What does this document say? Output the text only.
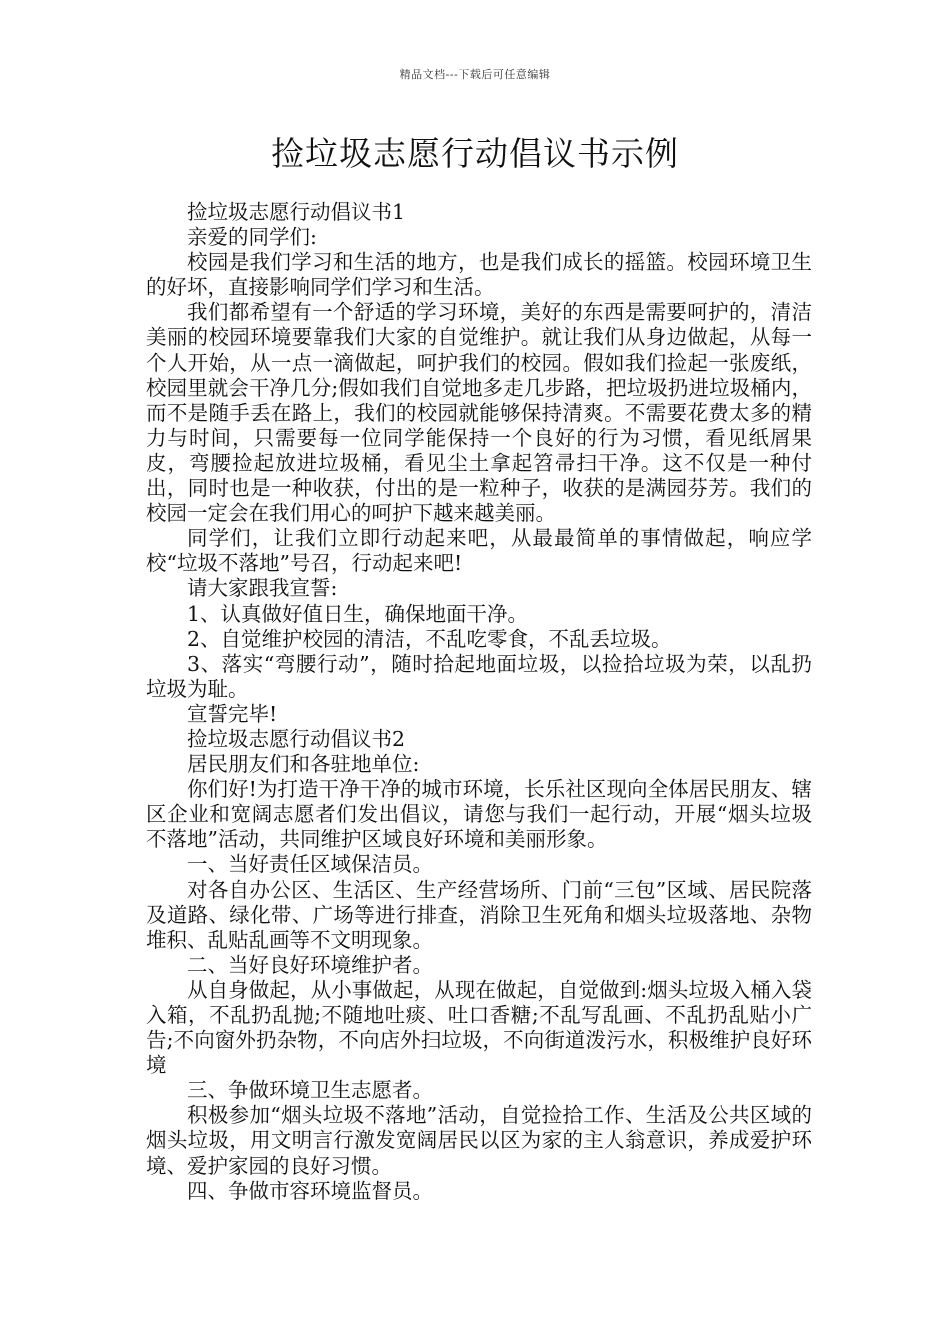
精品文档---下载后可任意编辑
捡垃圾志愿行动倡议书示例

捡垃圾志愿行动倡议书1

亲爱的同学们:

校园是我们学习和生活的地方，也是我们成长的摇篮。校园环境卫生的好坏，直接影响同学们学习和生活。

我们都希望有一个舒适的学习环境，美好的东西是需要呵护的，清洁美丽的校园环境要靠我们大家的自觉维护。就让我们从身边做起，从每一个人开始，从一点一滴做起，呵护我们的校园。假如我们捡起一张废纸，校园里就会干净几分;假如我们自觉地多走几步路，把垃圾扔进垃圾桶内，而不是随手丢在路上，我们的校园就能够保持清爽。不需要花费太多的精力与时间，只需要每一位同学能保持一个良好的行为习惯，看见纸屑果皮，弯腰捡起放进垃圾桶，看见尘土拿起笤帚扫干净。这不仅是一种付出，同时也是一种收获，付出的是一粒种子，收获的是满园芬芳。我们的校园一定会在我们用心的呵护下越来越美丽。

同学们，让我们立即行动起来吧，从最最简单的事情做起，响应学校“垃圾不落地”号召，行动起来吧!

请大家跟我宣誓:

1、认真做好值日生，确保地面干净。

2、自觉维护校园的清洁，不乱吃零食，不乱丢垃圾。

3、落实“弯腰行动”，随时拾起地面垃圾，以捡拾垃圾为荣，以乱扔垃圾为耻。

宣誓完毕!

捡垃圾志愿行动倡议书2

居民朋友们和各驻地单位:

你们好!为打造干净干净的城市环境，长乐社区现向全体居民朋友、辖区企业和宽阔志愿者们发出倡议，请您与我们一起行动，开展“烟头垃圾不落地”活动，共同维护区域良好环境和美丽形象。

一、当好责任区域保洁员。

对各自办公区、生活区、生产经营场所、门前“三包”区域、居民院落及道路、绿化带、广场等进行排查，消除卫生死角和烟头垃圾落地、杂物堆积、乱贴乱画等不文明现象。

二、当好良好环境维护者。

从自身做起，从小事做起，从现在做起，自觉做到:烟头垃圾入桶入袋入箱，不乱扔乱抛;不随地吐痰、吐口香糖;不乱写乱画、不乱扔乱贴小广告;不向窗外扔杂物，不向店外扫垃圾，不向街道泼污水，积极维护良好环境

三、争做环境卫生志愿者。

积极参加“烟头垃圾不落地”活动，自觉捡拾工作、生活及公共区域的烟头垃圾，用文明言行激发宽阔居民以区为家的主人翁意识，养成爱护环境、爱护家园的良好习惯。

四、争做市容环境监督员。
